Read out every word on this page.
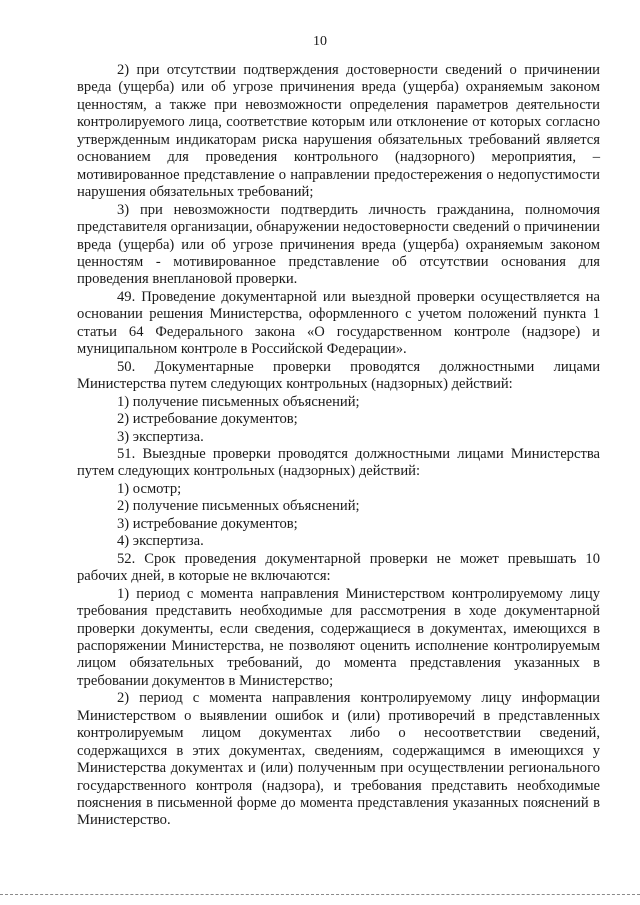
10

2) при отсутствии подтверждения достоверности сведений о причинении вреда (ущерба) или об угрозе причинения вреда (ущерба) охраняемым законом ценностям, а также при невозможности определения параметров деятельности контролируемого лица, соответствие которым или отклонение от которых согласно утвержденным индикаторам риска нарушения обязательных требований является основанием для проведения контрольного (надзорного) мероприятия, – мотивированное представление о направлении предостережения о недопустимости нарушения обязательных требований;

3) при невозможности подтвердить личность гражданина, полномочия представителя организации, обнаружении недостоверности сведений о причинении вреда (ущерба) или об угрозе причинения вреда (ущерба) охраняемым законом ценностям - мотивированное представление об отсутствии основания для проведения внеплановой проверки.

49. Проведение документарной или выездной проверки осуществляется на основании решения Министерства, оформленного с учетом положений пункта 1 статьи 64 Федерального закона «О государственном контроле (надзоре) и муниципальном контроле в Российской Федерации».

50. Документарные проверки проводятся должностными лицами Министерства путем следующих контрольных (надзорных) действий:

1) получение письменных объяснений;

2) истребование документов;

3) экспертиза.

51. Выездные проверки проводятся должностными лицами Министерства путем следующих контрольных (надзорных) действий:

1) осмотр;

2) получение письменных объяснений;

3) истребование документов;

4) экспертиза.

52. Срок проведения документарной проверки не может превышать 10 рабочих дней, в которые не включаются:

1) период с момента направления Министерством контролируемому лицу требования представить необходимые для рассмотрения в ходе документарной проверки документы, если сведения, содержащиеся в документах, имеющихся в распоряжении Министерства, не позволяют оценить исполнение контролируемым лицом обязательных требований, до момента представления указанных в требовании документов в Министерство;

2) период с момента направления контролируемому лицу информации Министерством о выявлении ошибок и (или) противоречий в представленных контролируемым лицом документах либо о несоответствии сведений, содержащихся в этих документах, сведениям, содержащимся в имеющихся у Министерства документах и (или) полученным при осуществлении регионального государственного контроля (надзора), и требования представить необходимые пояснения в письменной форме до момента представления указанных пояснений в Министерство.
